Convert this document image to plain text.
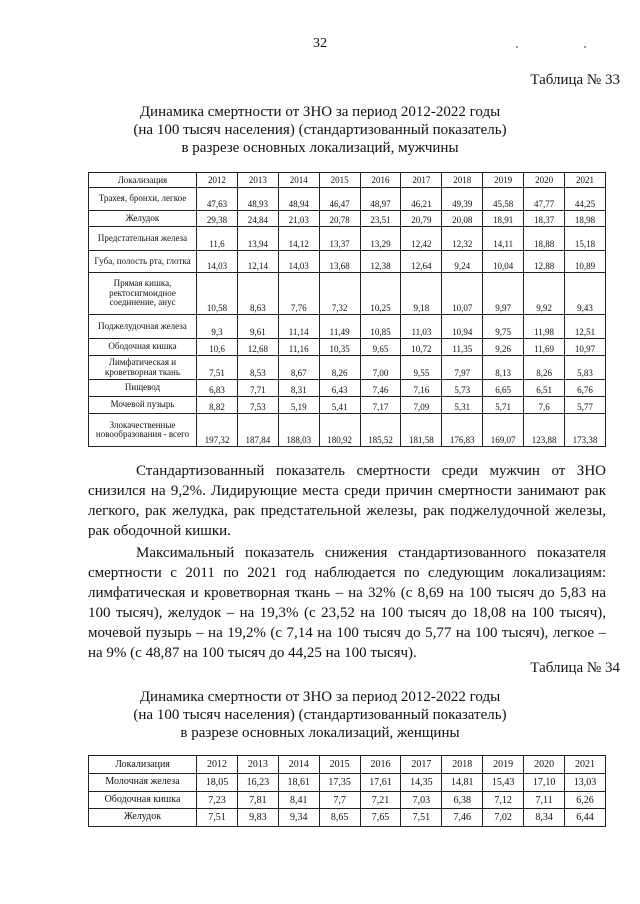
32
Таблица № 33
Динамика смертности от ЗНО за период 2012-2022 годы
(на 100 тысяч населения) (стандартизованный показатель)
в разрезе основных локализаций, мужчины
Локализация	2012	2013	2014	2015	2016	2017	2018	2019	2020	2021
Трахея, бронхи, легкое	47,63	48,93	48,94	46,47	48,97	46,21	49,39	45,58	47,77	44,25
Желудок	29,38	24,84	21,03	20,78	23,51	20,79	20,08	18,91	18,37	18,98
Предстательная железа	11,6	13,94	14,12	13,37	13,29	12,42	12,32	14,11	18,88	15,18
Губа, полость рта, глотка	14,03	12,14	14,03	13,68	12,38	12,64	9,24	10,04	12,88	10,89
Прямая кишка, ректосигмоидное соединение, анус	10,58	8,63	7,76	7,32	10,25	9,18	10,07	9,97	9,92	9,43
Поджелудочная железа	9,3	9,61	11,14	11,49	10,85	11,03	10,94	9,75	11,98	12,51
Ободочная кишка	10,6	12,68	11,16	10,35	9,65	10,72	11,35	9,26	11,69	10,97
Лимфатическая и кроветворная ткань	7,51	8,53	8,67	8,26	7,00	9,55	7,97	8,13	8,26	5,83
Пищевод	6,83	7,71	8,31	6,43	7,46	7,16	5,73	6,65	6,51	6,76
Мочевой пузырь	8,82	7,53	5,19	5,41	7,17	7,09	5,31	5,71	7,6	5,77
Злокачественные новообразования - всего	197,32	187,84	188,03	180,92	185,52	181,58	176,83	169,07	123,88	173,38

Стандартизованный показатель смертности среди мужчин от ЗНО снизился на 9,2%. Лидирующие места среди причин смертности занимают рак легкого, рак желудка, рак предстательной железы, рак поджелудочной железы, рак ободочной кишки.

Максимальный показатель снижения стандартизованного показателя смертности с 2011 по 2021 год наблюдается по следующим локализациям: лимфатическая и кроветворная ткань – на 32% (с 8,69 на 100 тысяч до 5,83 на 100 тысяч), желудок – на 19,3% (с 23,52 на 100 тысяч до 18,08 на 100 тысяч), мочевой пузырь – на 19,2% (с 7,14 на 100 тысяч до 5,77 на 100 тысяч), легкое – на 9% (с 48,87 на 100 тысяч до 44,25 на 100 тысяч).

Таблица № 34
Динамика смертности от ЗНО за период 2012-2022 годы
(на 100 тысяч населения) (стандартизованный показатель)
в разрезе основных локализаций, женщины
Локализация	2012	2013	2014	2015	2016	2017	2018	2019	2020	2021
Молочная железа	18,05	16,23	18,61	17,35	17,61	14,35	14,81	15,43	17,10	13,03
Ободочная кишка	7,23	7,81	8,41	7,7	7,21	7,03	6,38	7,12	7,11	6,26
Желудок	7,51	9,83	9,34	8,65	7,65	7,51	7,46	7,02	8,34	6,44
